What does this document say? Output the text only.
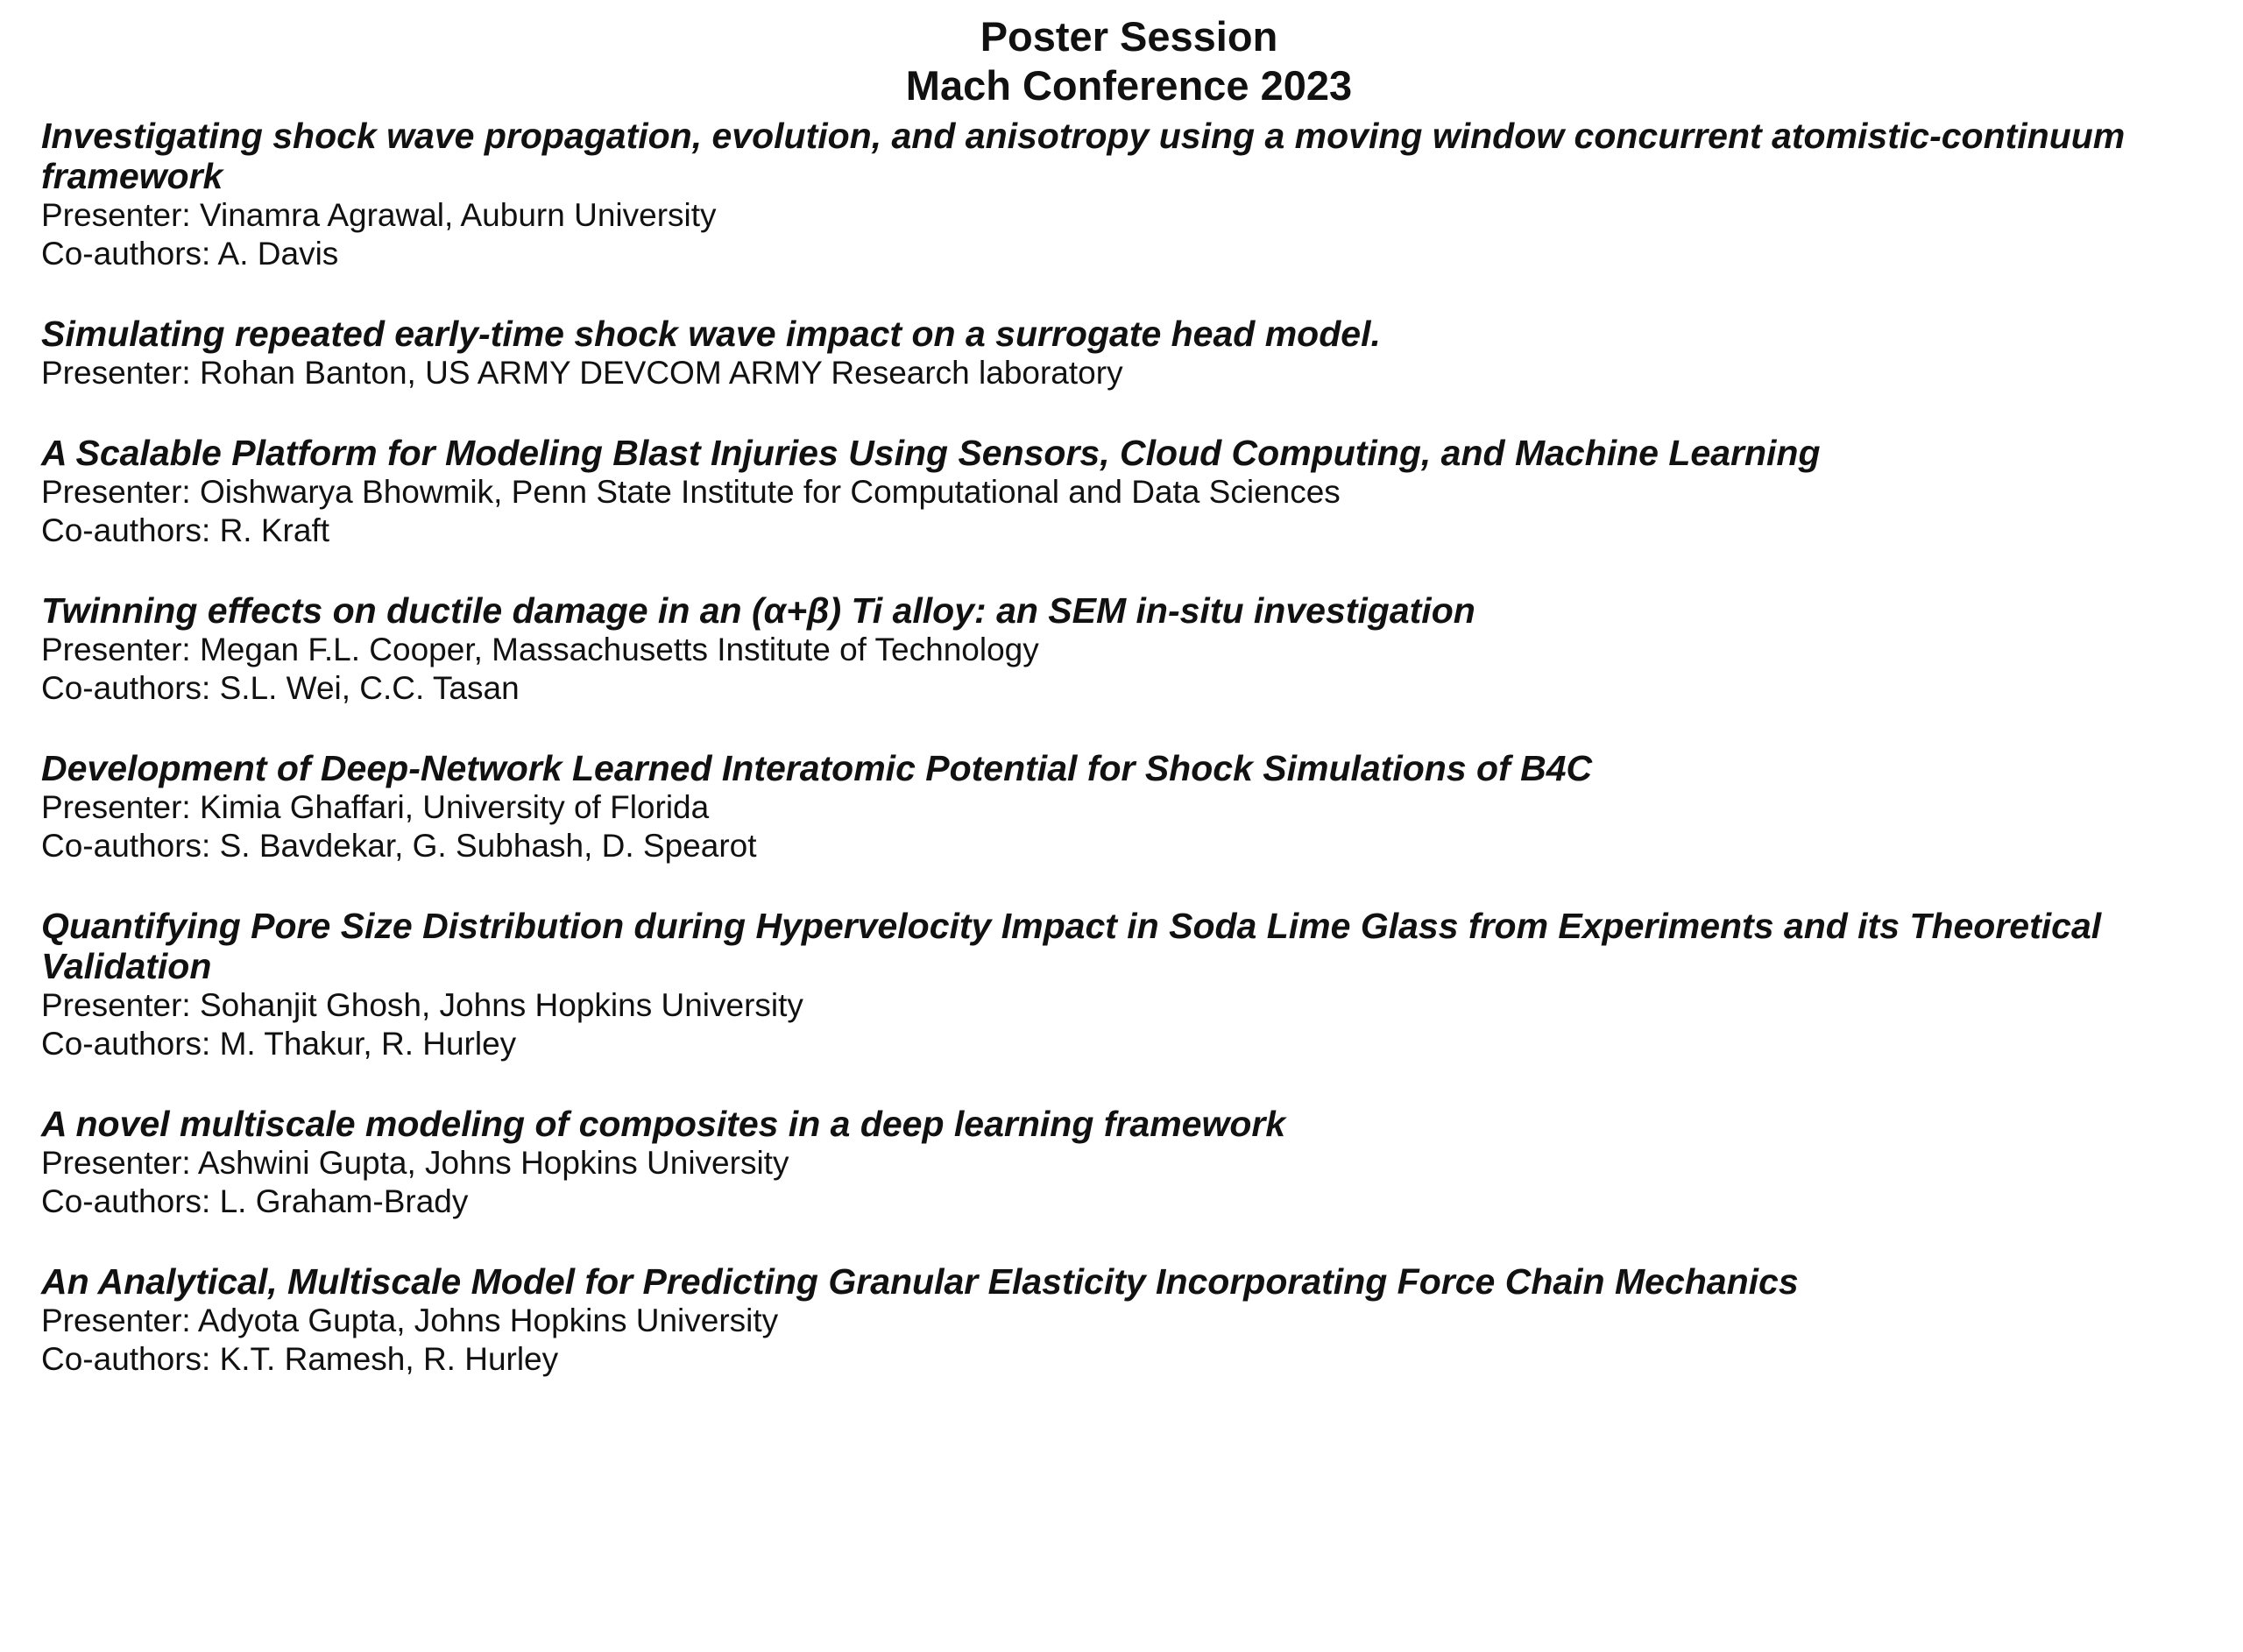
Poster Session
Mach Conference 2023

Investigating shock wave propagation, evolution, and anisotropy using a moving window concurrent atomistic-continuum framework

Presenter: Vinamra Agrawal, Auburn University

Co-authors: A. Davis

Simulating repeated early-time shock wave impact on a surrogate head model.

Presenter: Rohan Banton, US ARMY DEVCOM ARMY Research laboratory

A Scalable Platform for Modeling Blast Injuries Using Sensors, Cloud Computing, and Machine Learning

Presenter: Oishwarya Bhowmik, Penn State Institute for Computational and Data Sciences

Co-authors: R. Kraft

Twinning effects on ductile damage in an (α+β) Ti alloy: an SEM in-situ investigation

Presenter: Megan F.L. Cooper, Massachusetts Institute of Technology

Co-authors: S.L. Wei, C.C. Tasan

Development of Deep-Network Learned Interatomic Potential for Shock Simulations of B4C

Presenter: Kimia Ghaffari, University of Florida

Co-authors: S. Bavdekar, G. Subhash, D. Spearot

Quantifying Pore Size Distribution during Hypervelocity Impact in Soda Lime Glass from Experiments and its Theoretical Validation

Presenter: Sohanjit Ghosh, Johns Hopkins University

Co-authors: M. Thakur, R. Hurley

A novel multiscale modeling of composites in a deep learning framework

Presenter: Ashwini Gupta, Johns Hopkins University

Co-authors: L. Graham-Brady

An Analytical, Multiscale Model for Predicting Granular Elasticity Incorporating Force Chain Mechanics

Presenter: Adyota Gupta, Johns Hopkins University

Co-authors: K.T. Ramesh, R. Hurley
